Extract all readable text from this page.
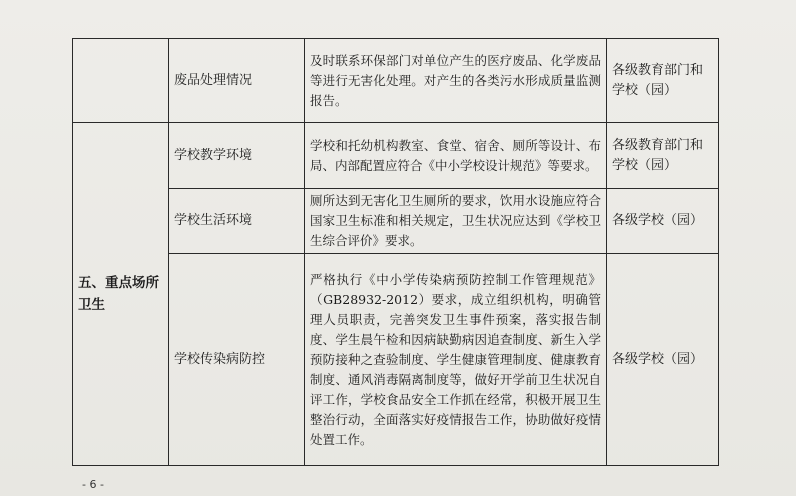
	废品处理情况	及时联系环保部门对单位产生的医疗废品、化学废品等进行无害化处理。对产生的各类污水形成质量监测报告。	各级教育部门和学校（园）
五、重点场所卫生	学校教学环境	学校和托幼机构教室、食堂、宿舍、厕所等设计、布局、内部配置应符合《中小学校设计规范》等要求。	各级教育部门和学校（园）
	学校生活环境	厕所达到无害化卫生厕所的要求，饮用水设施应符合国家卫生标准和相关规定，卫生状况应达到《学校卫生综合评价》要求。	各级学校（园）
	学校传染病防控	严格执行《中小学传染病预防控制工作管理规范》（GB28932-2012）要求，成立组织机构，明确管理人员职责，完善突发卫生事件预案，落实报告制度、学生晨午检和因病缺勤病因追查制度、新生入学预防接种之查验制度、学生健康管理制度、健康教育制度、通风消毒隔离制度等，做好开学前卫生状况自评工作，学校食品安全工作抓在经常，积极开展卫生整治行动，全面落实好疫情报告工作，协助做好疫情处置工作。	各级学校（园）
- 6 -
